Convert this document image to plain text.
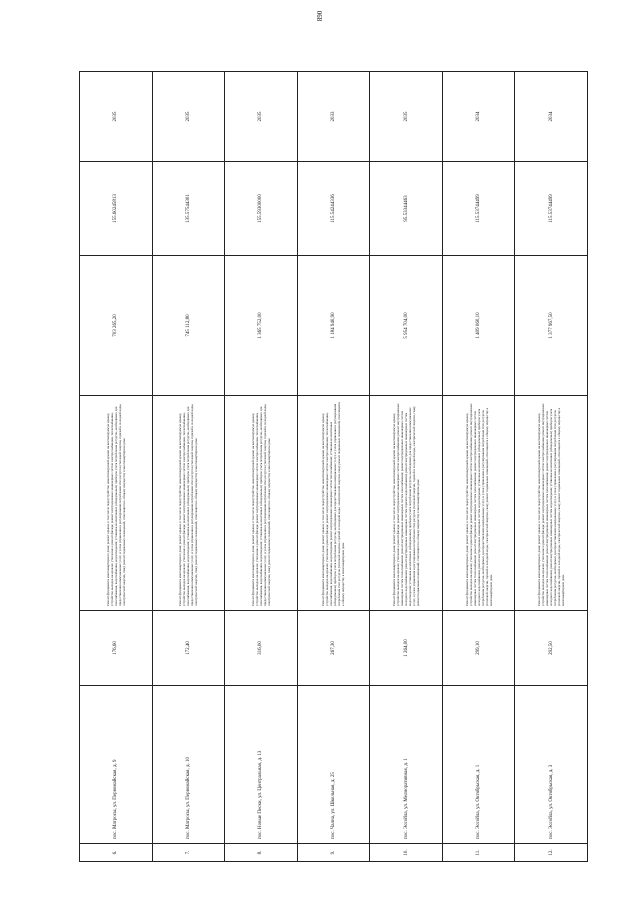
890
6.	пос. Матросы, ул. Первомайская, д. 9	176,60	Ремонт фундамента многоквартирного дома; ремонт крыши, в том числе переустройство невентилируемой крыши на вентилируемую крышу, устройство выходов на кровлю; утепление и ремонт фасада; ремонт внутридомовых инженерных систем электроснабжения, теплоснабжения, газоснабжения, водоснабжения, водоотведения; установка коллективных (общедомовых) приборов учета потребления ресурсов, необходимых для предоставления коммунальных услуг, и узлов управления и регулирования потребления этих ресурсов (тепловой энергии, горячей и холодной воды, электрической энергии, газа); ремонт подвальных помещений, относящихся к общему имуществу в многоквартирном доме	703 265,20	155.60245813	2035
7.	пос. Матросы, ул. Первомайская, д. 10	172,40	Ремонт фундамента многоквартирного дома; ремонт крыши, в том числе переустройство невентилируемой крыши на вентилируемую крышу, устройство выходов на кровлю; утепление и ремонт фасада; ремонт внутридомовых инженерных систем электроснабжения, теплоснабжения, газоснабжения, водоснабжения, водоотведения; установка коллективных (общедомовых) приборов учета потребления ресурсов, необходимых для предоставления коммунальных услуг, и узлов управления и регулирования потребления этих ресурсов (тепловой энергии, горячей и холодной воды, электрической энергии, газа); ремонт подвальных помещений, относящихся к общему имуществу в многоквартирном доме	745 112,80	135.57544301	2035
8.	пос. Новые Пески, ул. Центральная, д. 13	316,00	Ремонт фундамента многоквартирного дома; ремонт крыши, в том числе переустройство невентилируемой крыши на вентилируемую крышу, устройство выходов на кровлю; утепление и ремонт фасада; ремонт внутридомовых инженерных систем электроснабжения, теплоснабжения, газоснабжения, водоснабжения, водоотведения; установка коллективных (общедомовых) приборов учета потребления ресурсов, необходимых для предоставления коммунальных услуг, и узлов управления и регулирования потребления этих ресурсов (тепловой энергии, горячей и холодной воды, электрической энергии, газа); ремонт подвальных помещений, относящихся к общему имуществу в многоквартирном доме	1 365 752,00	155.59300000	2035
9.	пос. Чална, ул. Школьная, д. 25	267,30	Ремонт фундамента многоквартирного дома; ремонт крыши, в том числе переустройство невентилируемой крыши на вентилируемую крышу, устройство выходов на кровлю; утепление и ремонт фасада; ремонт внутридомовых инженерных систем электроснабжения, теплоснабжения, газоснабжения, водоснабжения, водоотведения; ремонт внутридомовых инженерных систем теплоснабжения; установка коллективных (общедомовых) приборов учета потребления ресурсов, необходимых для предоставления коммунальных услуг, и узлов управления и регулирования потребления этих ресурсов (тепловой энергии, горячей и холодной воды, электрической энергии, газа); ремонт подвальных помещений, относящихся к общему имуществу в многоквартирном доме	1 184 940,90	115.54244336	2033
10.	пос. Эссойла, ул. Мелиоративная, д. 1	1 264,00	Ремонт фундамента многоквартирного дома; ремонт крыши, в том числе переустройство невентилируемой крыши на вентилируемую крышу, устройство выходов на кровлю; утепление и ремонт фасада; ремонт внутридомовых инженерных систем электроснабжения; ремонт внутридомовых инженерных систем теплоснабжения; ремонт внутридомовых инженерных систем газоснабжения; ремонт внутридомовых инженерных систем холодного водоснабжения; ремонт внутридомовых инженерных систем горячего водоснабжения; ремонт внутридомовых инженерных систем водоотведения; установка коллективных (общедомовых) приборов учета потребления ресурсов, необходимых для предоставления коммунальных услуг, и узлов управления и регулирования потребления этих ресурсов (тепловой энергии, горячей и холодной воды, электрической энергии, газа); ремонт подвальных помещений, относящихся к общему имуществу в многоквартирном доме	5 954 704,00	95.53344463	2035
11.	пос. Эссойла, ул. Октябрьская, д. 1	299,10	Ремонт фундамента многоквартирного дома; ремонт крыши, в том числе переустройство невентилируемой крыши на вентилируемую крышу, устройство выходов на кровлю; утепление и ремонт фасада; ремонт внутридомовых инженерных систем электроснабжения; ремонт внутридомовых инженерных систем теплоснабжения; ремонт внутридомовых инженерных систем газоснабжения; ремонт внутридомовых инженерных систем холодного водоснабжения; ремонт внутридомовых инженерных систем водоотведения; установка коллективных (общедомовых) приборов учета потребления ресурсов, необходимых для предоставления коммунальных услуг, и узлов управления и регулирования потребления этих ресурсов (тепловой энергии, горячей и холодной воды, электрической энергии, газа); ремонт подвальных помещений, относящихся к общему имуществу в многоквартирном доме	1 409 060,10	115.53744499	2034
12.	пос. Эссойла, ул. Октябрьская, д. 3	292,50	Ремонт фундамента многоквартирного дома; ремонт крыши, в том числе переустройство невентилируемой крыши на вентилируемую крышу, устройство выходов на кровлю; утепление и ремонт фасада; ремонт внутридомовых инженерных систем электроснабжения; ремонт внутридомовых инженерных систем теплоснабжения; ремонт внутридомовых инженерных систем газоснабжения; ремонт внутридомовых инженерных систем холодного водоснабжения; ремонт внутридомовых инженерных систем водоотведения; установка коллективных (общедомовых) приборов учета потребления ресурсов, необходимых для предоставления коммунальных услуг, и узлов управления и регулирования потребления этих ресурсов (тепловой энергии, горячей и холодной воды, электрической энергии, газа); ремонт подвальных помещений, относящихся к общему имуществу в многоквартирном доме	1 377 967,50	115.53744499	2034
